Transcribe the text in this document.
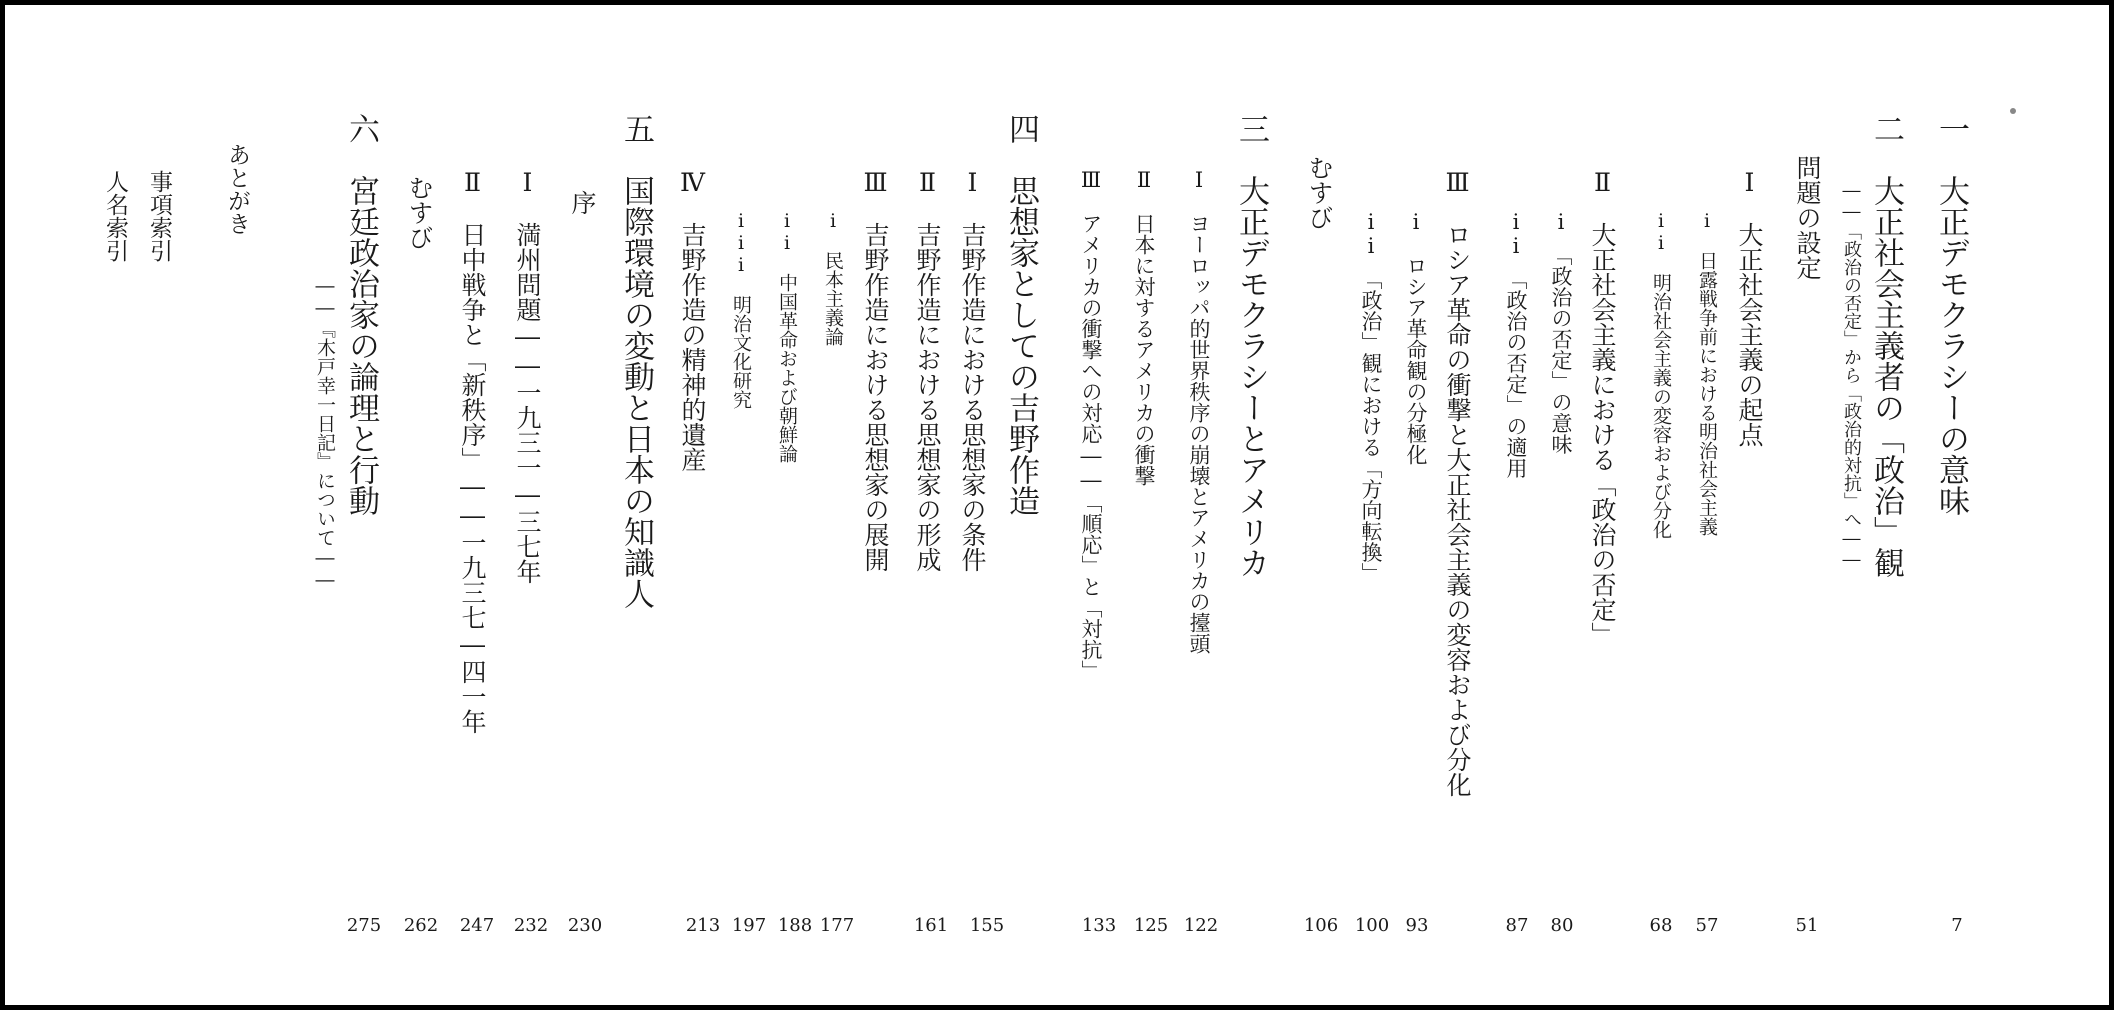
一　大正デモクラシーの意味
7
二　大正社会主義者の「政治」観
――「政治の否定」から「政治的対抗」へ――
問題の設定
51
Ⅰ　大正社会主義の起点
i　日露戦争前における明治社会主義
57
ii　明治社会主義の変容および分化
68
Ⅱ　大正社会主義における「政治の否定」
i　「政治の否定」の意味
80
ii　「政治の否定」の適用
87
Ⅲ　ロシア革命の衝撃と大正社会主義の変容および分化
i　ロシア革命観の分極化
93
ii　「政治」観における「方向転換」
100
むすび
106
三　大正デモクラシーとアメリカ
Ⅰ　ヨーロッパ的世界秩序の崩壊とアメリカの擡頭
122
Ⅱ　日本に対するアメリカの衝撃
125
Ⅲ　アメリカの衝撃への対応――「順応」と「対抗」
133
四　思想家としての吉野作造
Ⅰ　吉野作造における思想家の条件
155
Ⅱ　吉野作造における思想家の形成
161
Ⅲ　吉野作造における思想家の展開
i　民本主義論
177
ii　中国革命および朝鮮論
188
iii　明治文化研究
197
Ⅳ　吉野作造の精神的遺産
213
五　国際環境の変動と日本の知識人
序
230
Ⅰ　満州問題――一九三一―三七年
232
Ⅱ　日中戦争と「新秩序」――一九三七―四一年
247
むすび
262
六　宮廷政治家の論理と行動
――『木戸幸一日記』について――
275
あとがき
事項索引
人名索引
